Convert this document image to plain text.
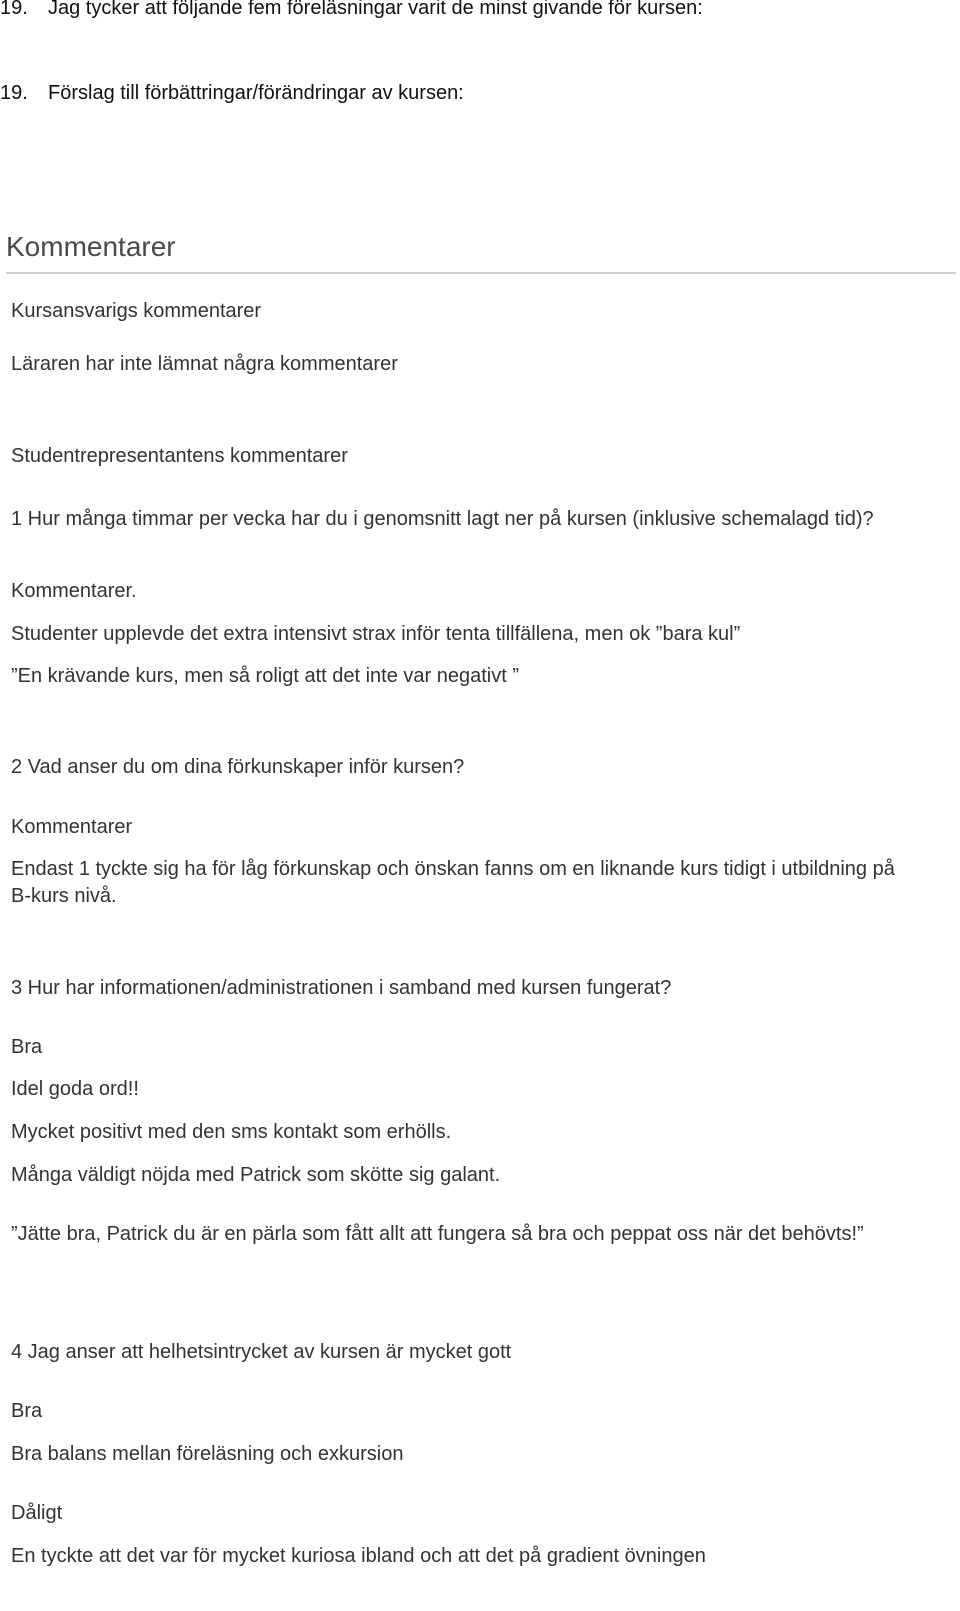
19. Jag tycker att följande fem föreläsningar varit de minst givande för kursen:

19. Förslag till förbättringar/förändringar av kursen:

Kommentarer

Kursansvarigs kommentarer

Läraren har inte lämnat några kommentarer

Studentrepresentantens kommentarer

1 Hur många timmar per vecka har du i genomsnitt lagt ner på kursen (inklusive schemalagd tid)?

Kommentarer.

Studenter upplevde det extra intensivt strax inför tenta tillfällena, men ok ”bara kul”

”En krävande kurs, men så roligt att det inte var negativt ”

2 Vad anser du om dina förkunskaper inför kursen?

Kommentarer

Endast 1 tyckte sig ha för låg förkunskap och önskan fanns om en liknande kurs tidigt i utbildning på B-kurs nivå.

3 Hur har informationen/administrationen i samband med kursen fungerat?

Bra

Idel goda ord!!

Mycket positivt med den sms kontakt som erhölls.

Många väldigt nöjda med Patrick som skötte sig galant.

”Jätte bra, Patrick du är en pärla som fått allt att fungera så bra och peppat oss när det behövts!”

4 Jag anser att helhetsintrycket av kursen är mycket gott

Bra

Bra balans mellan föreläsning och exkursion

Dåligt

En tyckte att det var för mycket kuriosa ibland och att det på gradient övningen
